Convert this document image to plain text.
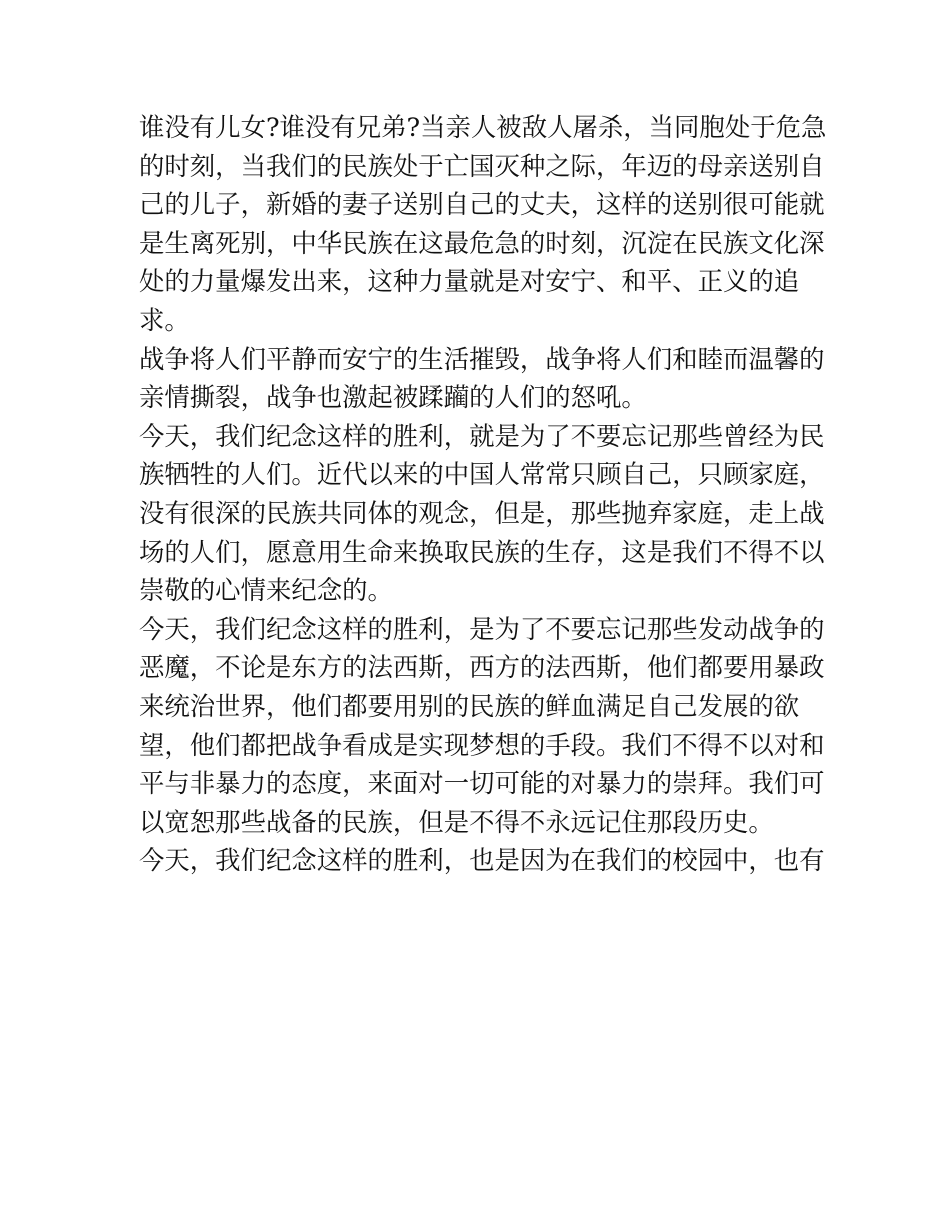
谁没有儿女?谁没有兄弟?当亲人被敌人屠杀，当同胞处于危急
的时刻，当我们的民族处于亡国灭种之际，年迈的母亲送别自
己的儿子，新婚的妻子送别自己的丈夫，这样的送别很可能就
是生离死别，中华民族在这最危急的时刻，沉淀在民族文化深
处的力量爆发出来，这种力量就是对安宁、和平、正义的追
求。

战争将人们平静而安宁的生活摧毁，战争将人们和睦而温馨的
亲情撕裂，战争也激起被蹂躏的人们的怒吼。

今天，我们纪念这样的胜利，就是为了不要忘记那些曾经为民
族牺牲的人们。近代以来的中国人常常只顾自己，只顾家庭，
没有很深的民族共同体的观念，但是，那些抛弃家庭，走上战
场的人们，愿意用生命来换取民族的生存，这是我们不得不以
崇敬的心情来纪念的。

今天，我们纪念这样的胜利，是为了不要忘记那些发动战争的
恶魔，不论是东方的法西斯，西方的法西斯，他们都要用暴政
来统治世界，他们都要用别的民族的鲜血满足自己发展的欲
望，他们都把战争看成是实现梦想的手段。我们不得不以对和
平与非暴力的态度，来面对一切可能的对暴力的崇拜。我们可
以宽恕那些战备的民族，但是不得不永远记住那段历史。

今天，我们纪念这样的胜利，也是因为在我们的校园中，也有
